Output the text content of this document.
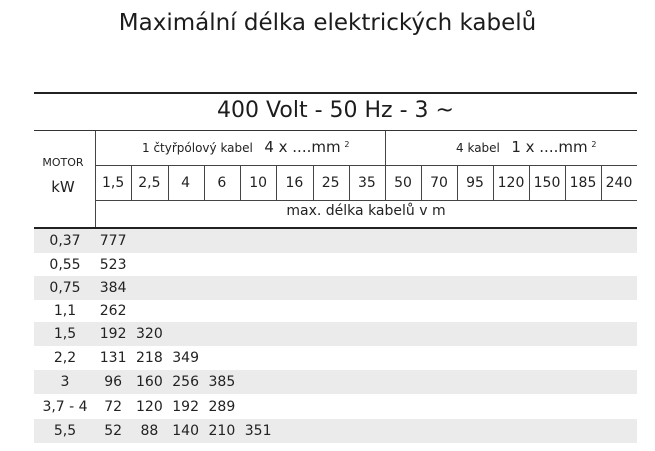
Maximální délka elektrických kabelů
400 Volt - 50 Hz - 3 ~
MOTOR
kW
1 čtyřpólový kabel 4 x ....mm $^2$	4 kabel 1 x ....mm $^2$
1,5 2,5	4	6	10	16	25	35	50	70	95 120 150 185 240
max. délka kabelů v m
0,37	777
0,55	523
0,75	384
1,1	262
1,5	192 320
2,2	131 218 349
3	96 160 256 385
3,7 - 4	72 120 192 289
5,5	52	88 140 210 351
